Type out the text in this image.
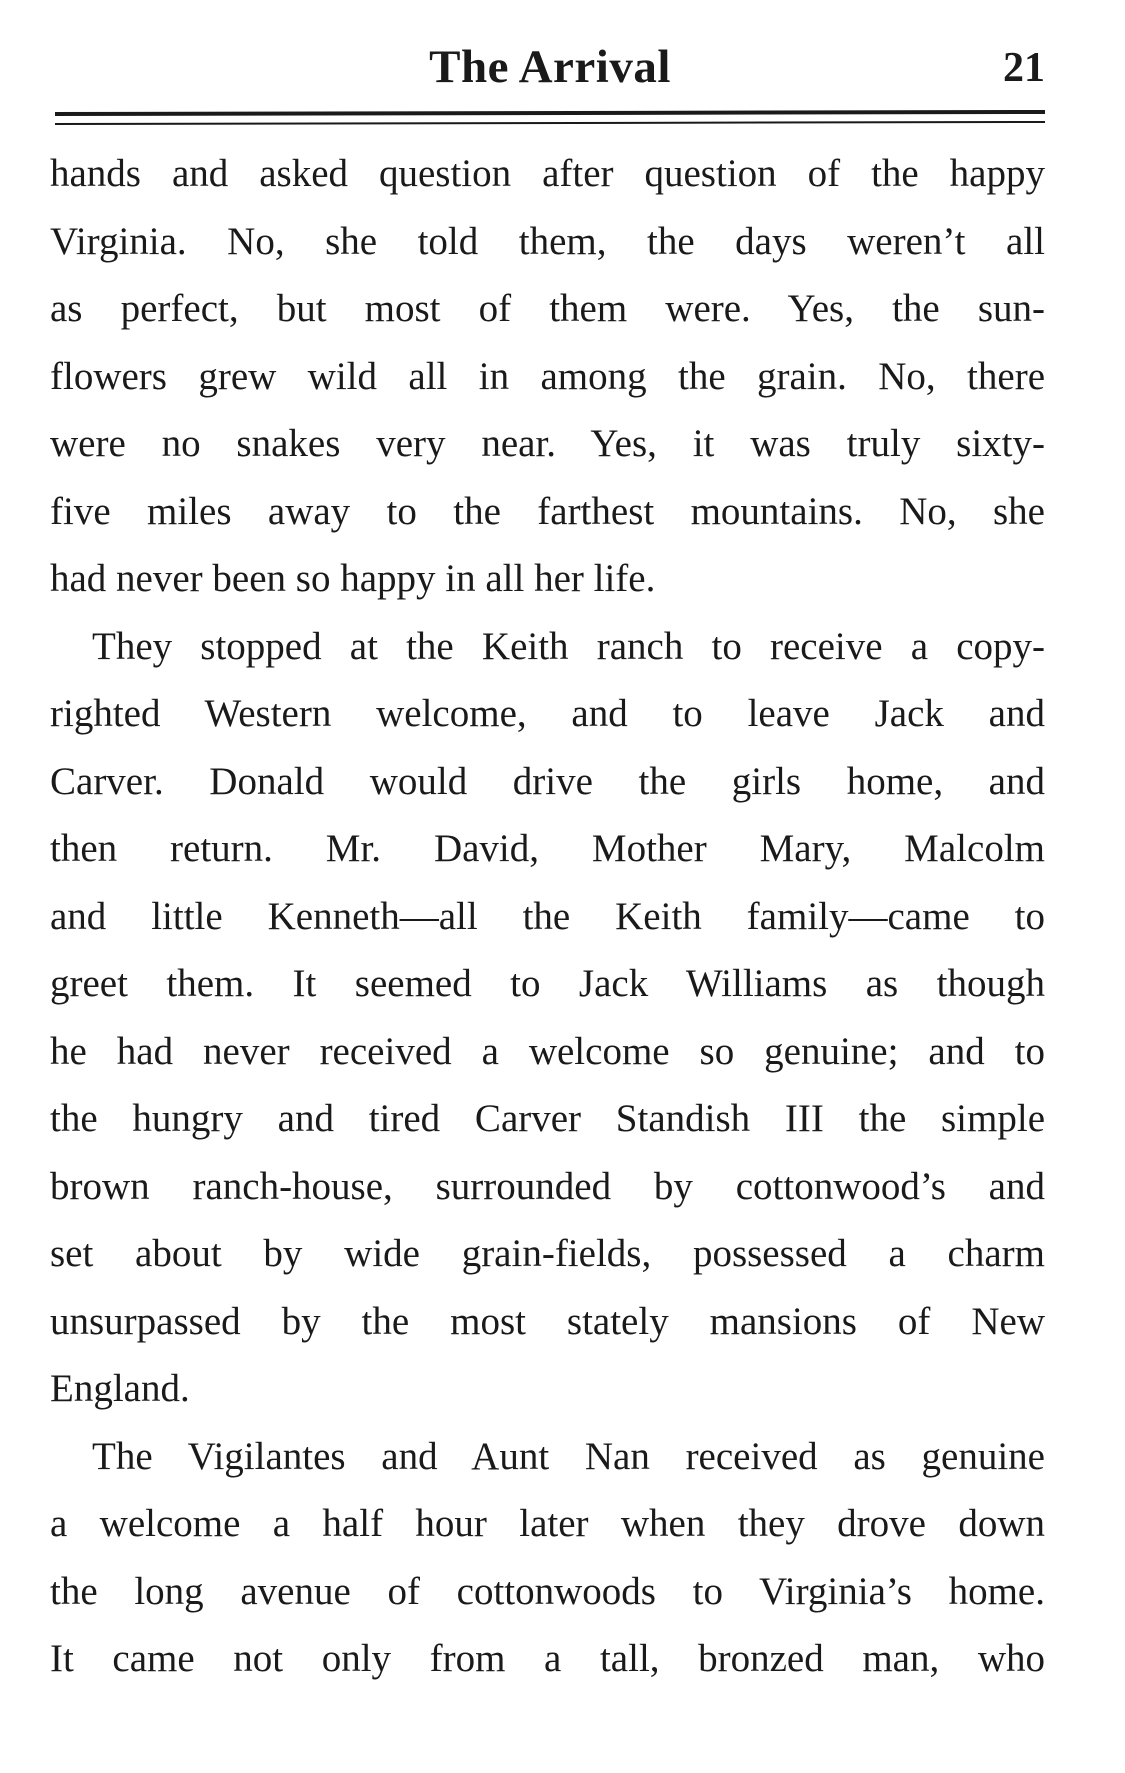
The Arrival	21
hands and asked question after question of the happy
Virginia. No, she told them, the days weren’t all
as perfect, but most of them were. Yes, the sun-
flowers grew wild all in among the grain. No, there
were no snakes very near. Yes, it was truly sixty-
five miles away to the farthest mountains. No, she
had never been so happy in all her life.
They stopped at the Keith ranch to receive a copy-
righted Western welcome, and to leave Jack and
Carver. Donald would drive the girls home, and
then return. Mr. David, Mother Mary, Malcolm
and little Kenneth—all the Keith family—came to
greet them. It seemed to Jack Williams as though
he had never received a welcome so genuine; and to
the hungry and tired Carver Standish III the simple
brown ranch-house, surrounded by cottonwood’s and
set about by wide grain-fields, possessed a charm
unsurpassed by the most stately mansions of New
England.
The Vigilantes and Aunt Nan received as genuine
a welcome a half hour later when they drove down
the long avenue of cottonwoods to Virginia’s home.
It came not only from a tall, bronzed man, who
